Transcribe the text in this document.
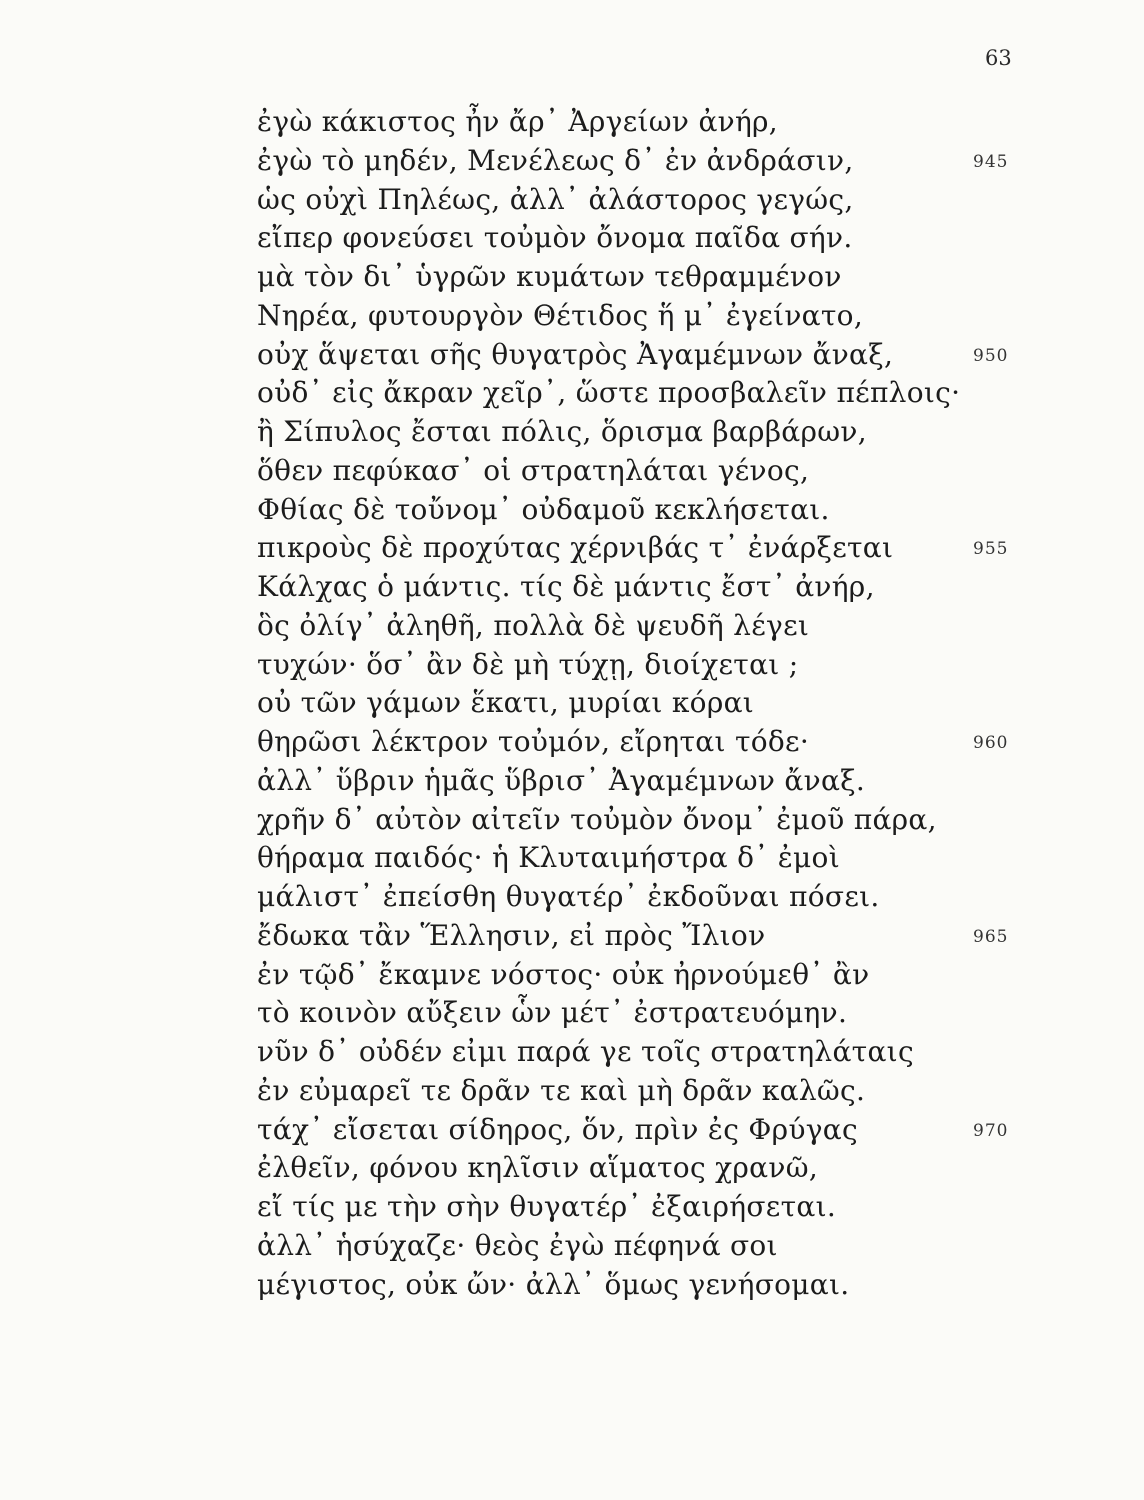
63
ἐγὼ κάκιστος ἦν ἄρ᾽ Ἀργείων ἀνήρ,
ἐγὼ τὸ μηδέν, Μενέλεως δ᾽ ἐν ἀνδράσιν,
ὡς οὐχὶ Πηλέως, ἀλλ᾽ ἀλάστορος γεγώς,
εἴπερ φονεύσει τοὐμὸν ὄνομα παῖδα σήν.
μὰ τὸν δι᾽ ὑγρῶν κυμάτων τεθραμμένον
Νηρέα, φυτουργὸν Θέτιδος ἥ μ᾽ ἐγείνατο,
οὐχ ἅψεται σῆς θυγατρὸς Ἀγαμέμνων ἄναξ,
οὐδ᾽ εἰς ἄκραν χεῖρ᾽, ὥστε προσβαλεῖν πέπλοις·
ἢ Σίπυλος ἔσται πόλις, ὅρισμα βαρβάρων,
ὅθεν πεφύκασ᾽ οἱ στρατηλάται γένος,
Φθίας δὲ τοὔνομ᾽ οὐδαμοῦ κεκλήσεται.
πικροὺς δὲ προχύτας χέρνιβάς τ᾽ ἐνάρξεται
Κάλχας ὁ μάντις. τίς δὲ μάντις ἔστ᾽ ἀνήρ,
ὃς ὀλίγ᾽ ἀληθῆ, πολλὰ δὲ ψευδῆ λέγει
τυχών· ὅσ᾽ ἂν δὲ μὴ τύχῃ, διοίχεται ;
οὐ τῶν γάμων ἕκατι, μυρίαι κόραι
θηρῶσι λέκτρον τοὐμόν, εἴρηται τόδε·
ἀλλ᾽ ὕβριν ἡμᾶς ὕβρισ᾽ Ἀγαμέμνων ἄναξ.
χρῆν δ᾽ αὐτὸν αἰτεῖν τοὐμὸν ὄνομ᾽ ἐμοῦ πάρα,
θήραμα παιδός· ἡ Κλυταιμήστρα δ᾽ ἐμοὶ
μάλιστ᾽ ἐπείσθη θυγατέρ᾽ ἐκδοῦναι πόσει.
ἔδωκα τἂν Ἕλλησιν, εἰ πρὸς Ἴλιον
ἐν τῷδ᾽ ἔκαμνε νόστος· οὐκ ἠρνούμεθ᾽ ἂν
τὸ κοινὸν αὔξειν ὧν μέτ᾽ ἐστρατευόμην.
νῦν δ᾽ οὐδέν εἰμι παρά γε τοῖς στρατηλάταις
ἐν εὐμαρεῖ τε δρᾶν τε καὶ μὴ δρᾶν καλῶς.
τάχ᾽ εἴσεται σίδηρος, ὅν, πρὶν ἐς Φρύγας
ἐλθεῖν, φόνου κηλῖσιν αἵματος χρανῶ,
εἴ τίς με τὴν σὴν θυγατέρ᾽ ἐξαιρήσεται.
ἀλλ᾽ ἡσύχαζε· θεὸς ἐγὼ πέφηνά σοι
μέγιστος, οὐκ ὤν· ἀλλ᾽ ὅμως γενήσομαι.
945
950
955
960
965
970
